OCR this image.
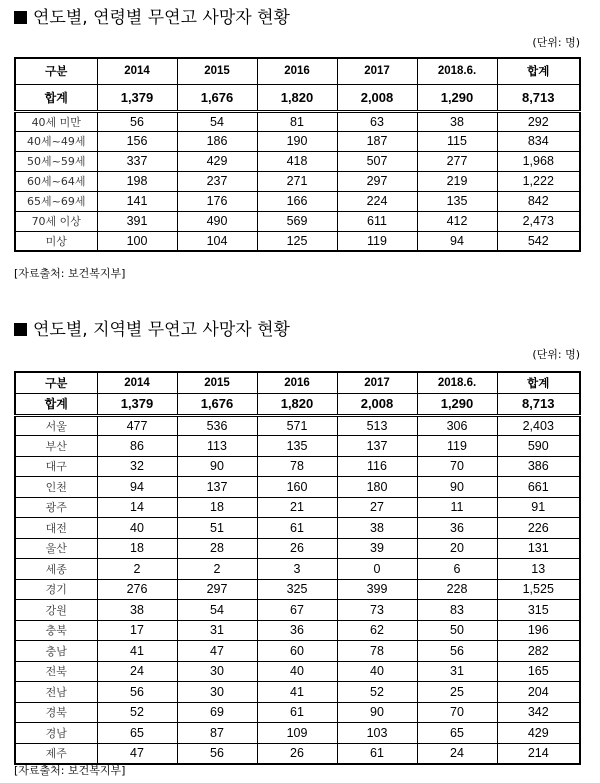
연도별, 연령별 무연고 사망자 현황
(단위: 명)
구분	2014	2015	2016	2017	2018.6.	합계
합계	1,379	1,676	1,820	2,008	1,290	8,713
40세 미만	56	54	81	63	38	292
40세~49세	156	186	190	187	115	834
50세~59세	337	429	418	507	277	1,968
60세~64세	198	237	271	297	219	1,222
65세~69세	141	176	166	224	135	842
70세 이상	391	490	569	611	412	2,473
미상	100	104	125	119	94	542
[자료출처: 보건복지부]
연도별, 지역별 무연고 사망자 현황
(단위: 명)
구분	2014	2015	2016	2017	2018.6.	합계
합계	1,379	1,676	1,820	2,008	1,290	8,713
서울	477	536	571	513	306	2,403
부산	86	113	135	137	119	590
대구	32	90	78	116	70	386
인천	94	137	160	180	90	661
광주	14	18	21	27	11	91
대전	40	51	61	38	36	226
울산	18	28	26	39	20	131
세종	2	2	3	0	6	13
경기	276	297	325	399	228	1,525
강원	38	54	67	73	83	315
충북	17	31	36	62	50	196
충남	41	47	60	78	56	282
전북	24	30	40	40	31	165
전남	56	30	41	52	25	204
경북	52	69	61	90	70	342
경남	65	87	109	103	65	429
제주	47	56	26	61	24	214
[자료출처: 보건복지부]
